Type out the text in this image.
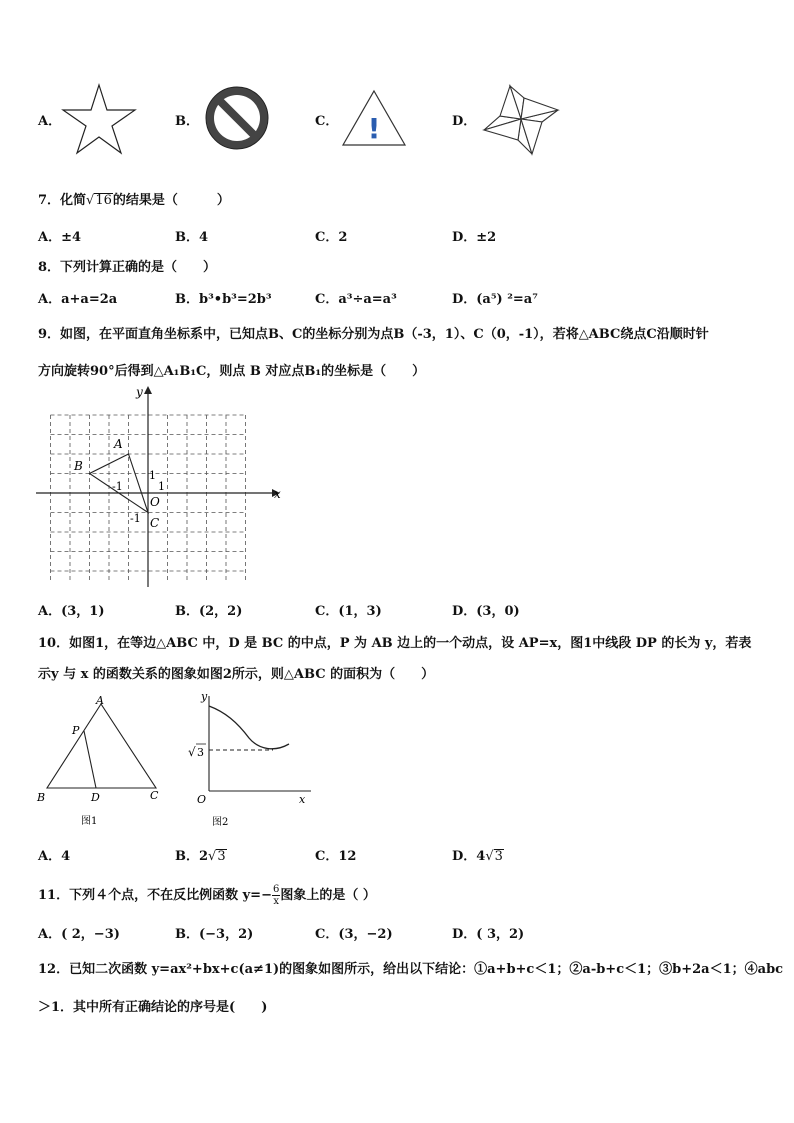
A．	B．	C． !	D．
7．化简√16的结果是（　　　）
A．±4	B．4	C．2	D．±2
8．下列计算正确的是（　　）
A．a+a=2a	B．b³•b³=2b³	C．a³÷a=a³	D．(a⁵) ²=a⁷
9．如图，在平面直角坐标系中，已知点B、C的坐标分别为点B（-3，1）、C（0，-1），若将△ABC绕点C沿顺时针
方向旋转90°后得到△A₁B₁C，则点 B 对应点B₁的坐标是（　　）
y
x
A
B
O
C
1
1
-1
-1
A．(3，1)	B．(2，2)	C．(1，3)	D．(3，0)
10．如图1，在等边△ABC 中，D 是 BC 的中点，P 为 AB 边上的一个动点，设 AP=x，图1中线段 DP 的长为 y，若表
示y 与 x 的函数关系的图象如图2所示，则△ABC 的面积为（　　）
A
B	C
D
P
图1
y
x
O
√ 3
图2
A．4	B．2√3	C．12	D．4√3
11．下列４个点，不在反比例函数 $y=- \frac{6}{x}$ 图象上的是（ ）
A．( 2，−3)	B．(−3，2)	C．(3，−2)	D．( 3，2)
12．已知二次函数 y=ax²+bx+c(a≠1)的图象如图所示，给出以下结论：①a+b+c＜1；②a-b+c＜1；③b+2a＜1；④abc
＞1．其中所有正确结论的序号是(　　)
